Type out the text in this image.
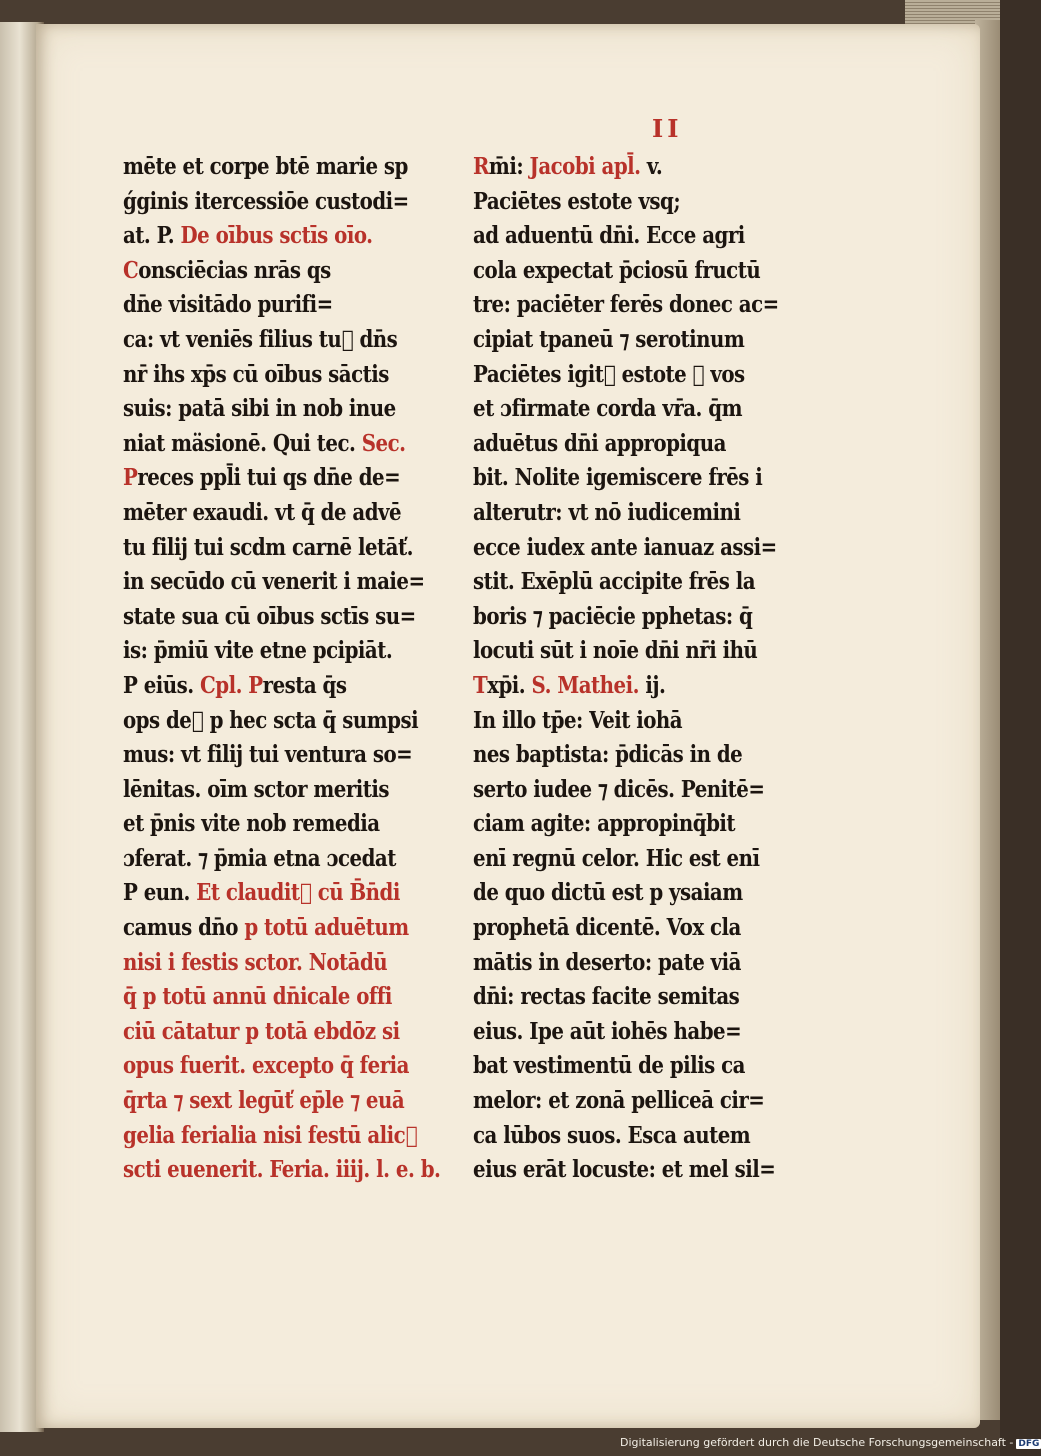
II
mēte et corpe btē marie sp
ǵginis itercessiōe custodi=
at. P. De oībus sctīs oīo.
Consciēcias nrās qs
dn̄e visitādo purifi=
ca: vt veniēs filius tu᷑ dn̄s
nr̄ ihs xp̄s cū oībus sāctis
suis: patā sibi in nob inue
niat mäsionē. Qui tec. Sec.
Preces ppl̄i tui qs dn̄e de=
mēter exaudi. vt q̄ de advē
tu filij tui scdm carnē letāť.
in secūdo cū venerit i maie=
state sua cū oībus sctīs su=
is: p̄miū vite etne pcipiāt.
P eiūs. Cpl. Presta q̄s
ops de᷑ p hec scta q̄ sumpsi
mus: vt filij tui ventura so=
lēnitas. oīm sctor meritis
et p̄nis vite nob remedia
ɔferat. ⁊ p̄mia etna ɔcedat
P eun. Et claudit᷑ cū B̄n̄di
camus dn̄o p totū aduētum
nisi i festis sctor. Notādū
q̄ p totū annū dn̄icale offi
ciū cātatur p totā ebdōz si
opus fuerit. excepto q̄ feria
q̄rta ⁊ sext legūť ep̄le ⁊ euā
gelia ferialia nisi festū alic᷑
scti euenerit. Feria. iiij. l. e. b.
Rm̄i: Jacobi apl̄. v.
Paciētes estote vsq;
ad aduentū dn̄i. Ecce agri
cola expectat p̄ciosū fructū
tre: paciēter ferēs donec ac=
cipiat tpaneū ⁊ serotinum
Paciētes igit᷑ estote ⁊ vos
et ɔfirmate corda vr̄a. q̄m
aduētus dn̄i appropiqua
bit. Nolite igemiscere frēs i
alterutr: vt nō iudicemini
ecce iudex ante ianuaz assi=
stit. Exēplū accipite frēs la
boris ⁊ paciēcie pphetas: q̄
locuti sūt i noīe dn̄i nr̄i ihū
Txp̄i. S. Mathei. ij.
In illo tp̄e: Veit iohā
nes baptista: p̄dicās in de
serto iudee ⁊ dicēs. Penitē=
ciam agite: appropinq̄bit
enī regnū celor. Hic est enī
de quo dictū est p ysaiam
prophetā dicentē. Vox cla
mātis in deserto: pate viā
dn̄i: rectas facite semitas
eius. Ipe aūt iohēs habe=
bat vestimentū de pilis ca
melor: et zonā pelliceā cir=
ca lūbos suos. Esca autem
eius erāt locuste: et mel sil=
Digitalisierung gefördert durch die Deutsche Forschungsgemeinschaft - DFG
